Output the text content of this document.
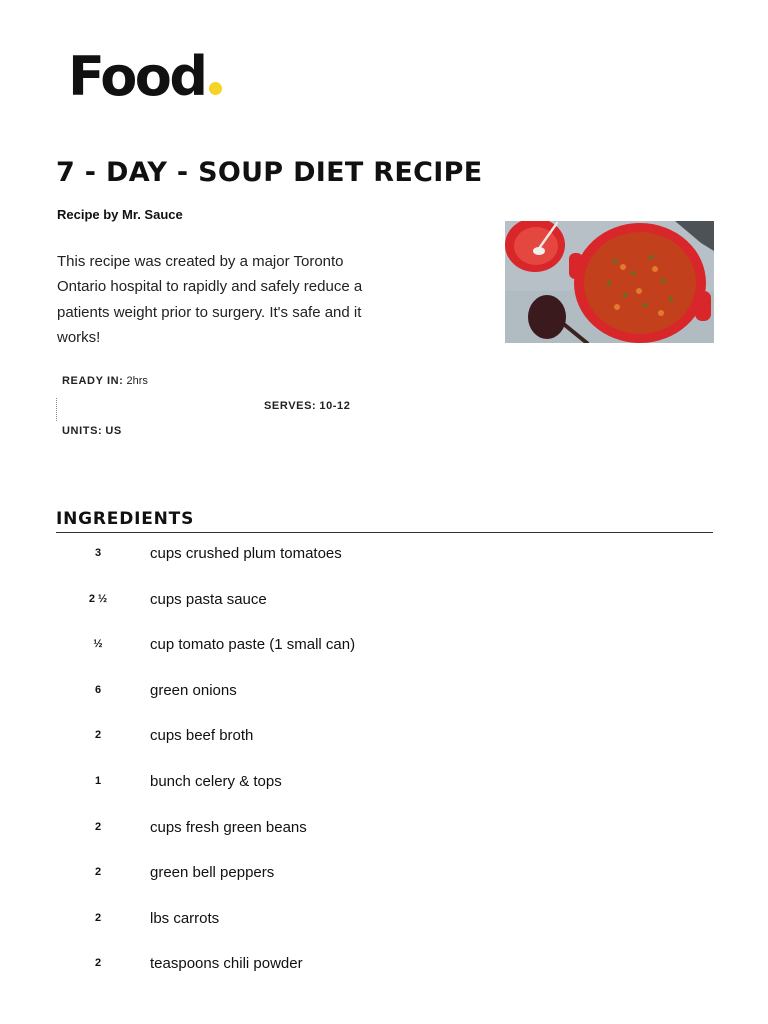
Food
7 - DAY - SOUP DIET RECIPE
Recipe by Mr. Sauce

This recipe was created by a major Toronto Ontario hospital to rapidly and safely reduce a patients weight prior to surgery. It's safe and it works!

READY IN: 2hrs
SERVES: 10-12
UNITS: US
INGREDIENTS
3	cups crushed plum tomatoes
2 ½	cups pasta sauce
½	cup tomato paste (1 small can)
6	green onions
2	cups beef broth
1	bunch celery & tops
2	cups fresh green beans
2	green bell peppers
2	lbs carrots
2	teaspoons chili powder
